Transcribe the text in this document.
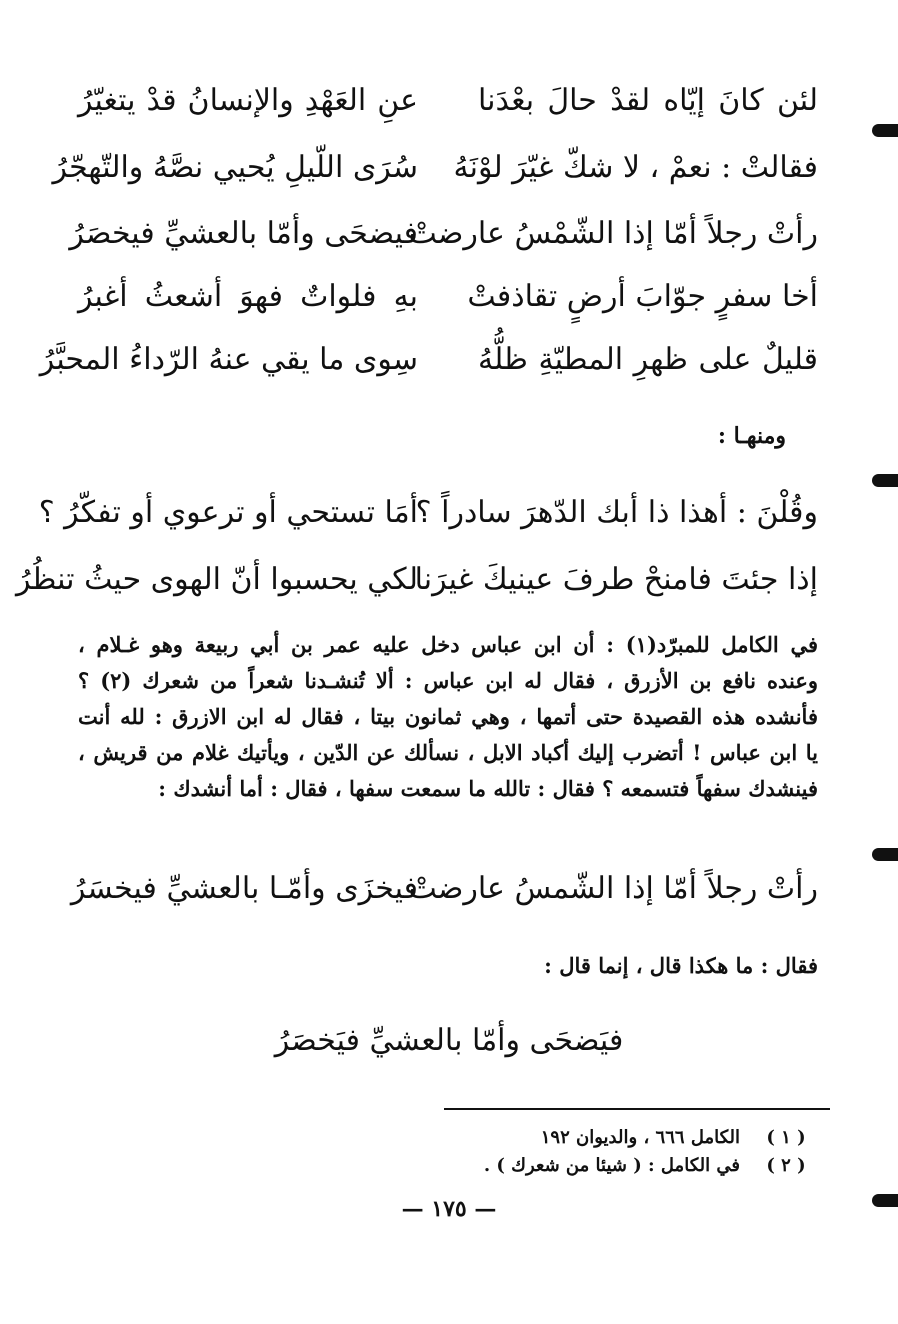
لئن كانَ إيّاه لقدْ حالَ بعْدَنا
عنِ العَهْدِ والإنسانُ قدْ يتغيّرُ
فقالتْ : نعمْ ، لا شكّ غيّرَ لوْنَهُ
سُرَى اللّيلِ يُحيي نصَّهُ والتّهجّرُ
رأتْ رجلاً أمّا إذا الشّمْسُ عارضتْ
فيضحَى وأمّا بالعشيِّ فيخصَرُ
أخا سفرٍ جوّابَ أرضٍ تقاذفتْ
بهِ فلواتٌ فهوَ أشعثُ أغبرُ
قليلٌ على ظهرِ المطيّةِ ظلُّهُ
سِوى ما يقي عنهُ الرّداءُ المحبَّرُ
ومنهـا :
وقُلْنَ : أهذا ذا أبك الدّهرَ سادراً ؟
أمَا تستحي أو ترعوي أو تفكّرُ ؟
إذا جئتَ فامنحْ طرفَ عينيكَ غيرَنا
لكي يحسبوا أنّ الهوى حيثُ تنظُرُ
في الكامل للمبرّد(١) : أن ابن عباس دخل عليه عمر بن أبي ربيعة وهو غـلام ،
وعنده نافع بن الأزرق ، فقال له ابن عباس : ألا تُنشـدنا شعراً من شعرك (٢) ؟
فأنشده هذه القصيدة حتى أتمها ، وهي ثمانون بيتا ، فقال له ابن الازرق : لله أنت
يا ابن عباس ! أتضرب إليك أكباد الابل ، نسألك عن الدّين ، ويأتيك غلام من قريش ،
فينشدك سفهاً فتسمعه ؟ فقال : تالله ما سمعت سفها ، فقال : أما أنشدك :
رأتْ رجلاً أمّا إذا الشّمسُ عارضتْ
فيخزَى وأمّـا بالعشيِّ فيخسَرُ
فقال : ما هكذا قال ، إنما قال :
فيَضحَى وأمّا بالعشيِّ فيَخصَرُ
( ١ )الكامل ٦٦٦ ، والديوان ١٩٢
( ٢ )في الكامل : ( شيئا من شعرك ) .
— ١٧٥ —
